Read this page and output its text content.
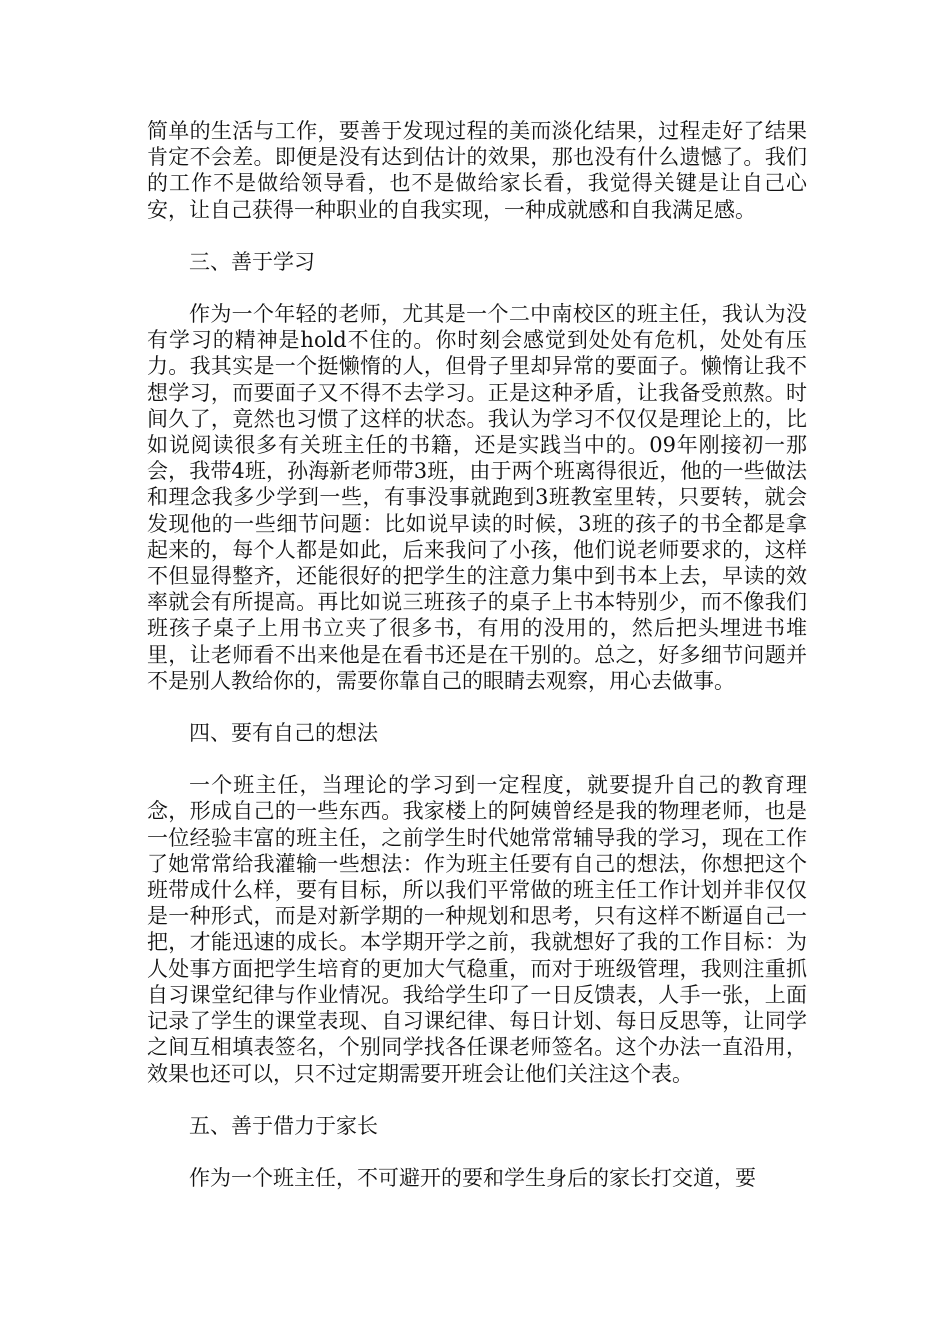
简单的生活与工作，要善于发现过程的美而淡化结果，过程走好了结果肯定不会差。即便是没有达到估计的效果，那也没有什么遗憾了。我们的工作不是做给领导看，也不是做给家长看，我觉得关键是让自己心安，让自己获得一种职业的自我实现，一种成就感和自我满足感。

三、善于学习

作为一个年轻的老师，尤其是一个二中南校区的班主任，我认为没有学习的精神是hold不住的。你时刻会感觉到处处有危机，处处有压力。我其实是一个挺懒惰的人，但骨子里却异常的要面子。懒惰让我不想学习，而要面子又不得不去学习。正是这种矛盾，让我备受煎熬。时间久了，竟然也习惯了这样的状态。我认为学习不仅仅是理论上的，比如说阅读很多有关班主任的书籍，还是实践当中的。09年刚接初一那会，我带4班，孙海新老师带3班，由于两个班离得很近，他的一些做法和理念我多少学到一些，有事没事就跑到3班教室里转，只要转，就会发现他的一些细节问题：比如说早读的时候，3班的孩子的书全都是拿起来的，每个人都是如此，后来我问了小孩，他们说老师要求的，这样不但显得整齐，还能很好的把学生的注意力集中到书本上去，早读的效率就会有所提高。再比如说三班孩子的桌子上书本特别少，而不像我们班孩子桌子上用书立夹了很多书，有用的没用的，然后把头埋进书堆里，让老师看不出来他是在看书还是在干别的。总之，好多细节问题并不是别人教给你的，需要你靠自己的眼睛去观察，用心去做事。

四、要有自己的想法

一个班主任，当理论的学习到一定程度，就要提升自己的教育理念，形成自己的一些东西。我家楼上的阿姨曾经是我的物理老师，也是一位经验丰富的班主任，之前学生时代她常常辅导我的学习，现在工作了她常常给我灌输一些想法：作为班主任要有自己的想法，你想把这个班带成什么样，要有目标，所以我们平常做的班主任工作计划并非仅仅是一种形式，而是对新学期的一种规划和思考，只有这样不断逼自己一把，才能迅速的成长。本学期开学之前，我就想好了我的工作目标：为人处事方面把学生培育的更加大气稳重，而对于班级管理，我则注重抓自习课堂纪律与作业情况。我给学生印了一日反馈表，人手一张，上面记录了学生的课堂表现、自习课纪律、每日计划、每日反思等，让同学之间互相填表签名，个别同学找各任课老师签名。这个办法一直沿用，效果也还可以，只不过定期需要开班会让他们关注这个表。

五、善于借力于家长

作为一个班主任，不可避开的要和学生身后的家长打交道，要
